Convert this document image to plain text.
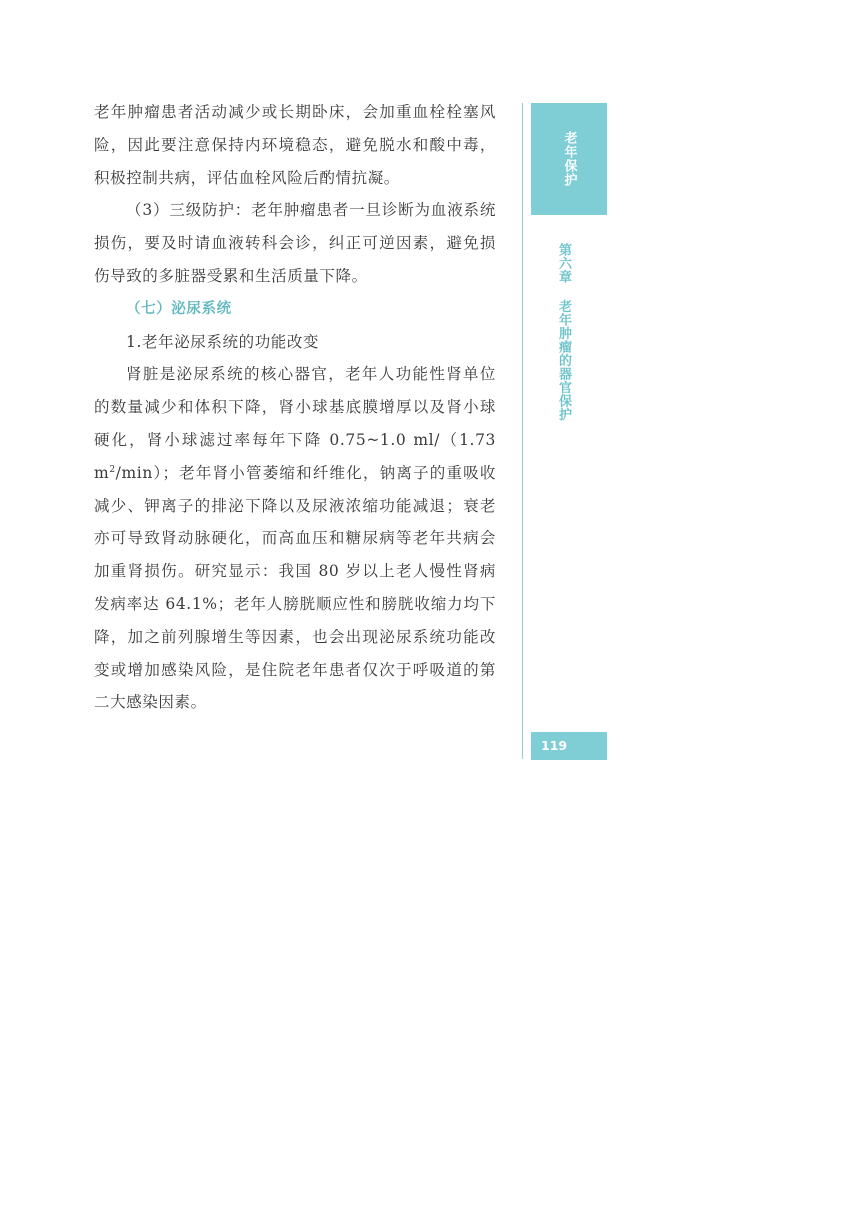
老年肿瘤患者活动减少或长期卧床，会加重血栓栓塞风险，因此要注意保持内环境稳态，避免脱水和酸中毒，积极控制共病，评估血栓风险后酌情抗凝。

（3）三级防护：老年肿瘤患者一旦诊断为血液系统损伤，要及时请血液转科会诊，纠正可逆因素，避免损伤导致的多脏器受累和生活质量下降。

（七）泌尿系统

1.老年泌尿系统的功能改变

肾脏是泌尿系统的核心器官，老年人功能性肾单位的数量减少和体积下降，肾小球基底膜增厚以及肾小球硬化，肾小球滤过率每年下降 0.75~1.0 ml/（1.73 $m^2/\min$）；老年肾小管萎缩和纤维化，钠离子的重吸收减少、钾离子的排泌下降以及尿液浓缩功能减退；衰老亦可导致肾动脉硬化，而高血压和糖尿病等老年共病会加重肾损伤。研究显示：我国 80 岁以上老人慢性肾病发病率达 64.1%；老年人膀胱顺应性和膀胱收缩力均下降，加之前列腺增生等因素，也会出现泌尿系统功能改变或增加感染风险，是住院老年患者仅次于呼吸道的第二大感染因素。

老年保护
第六章老年肿瘤的器官保护
119
